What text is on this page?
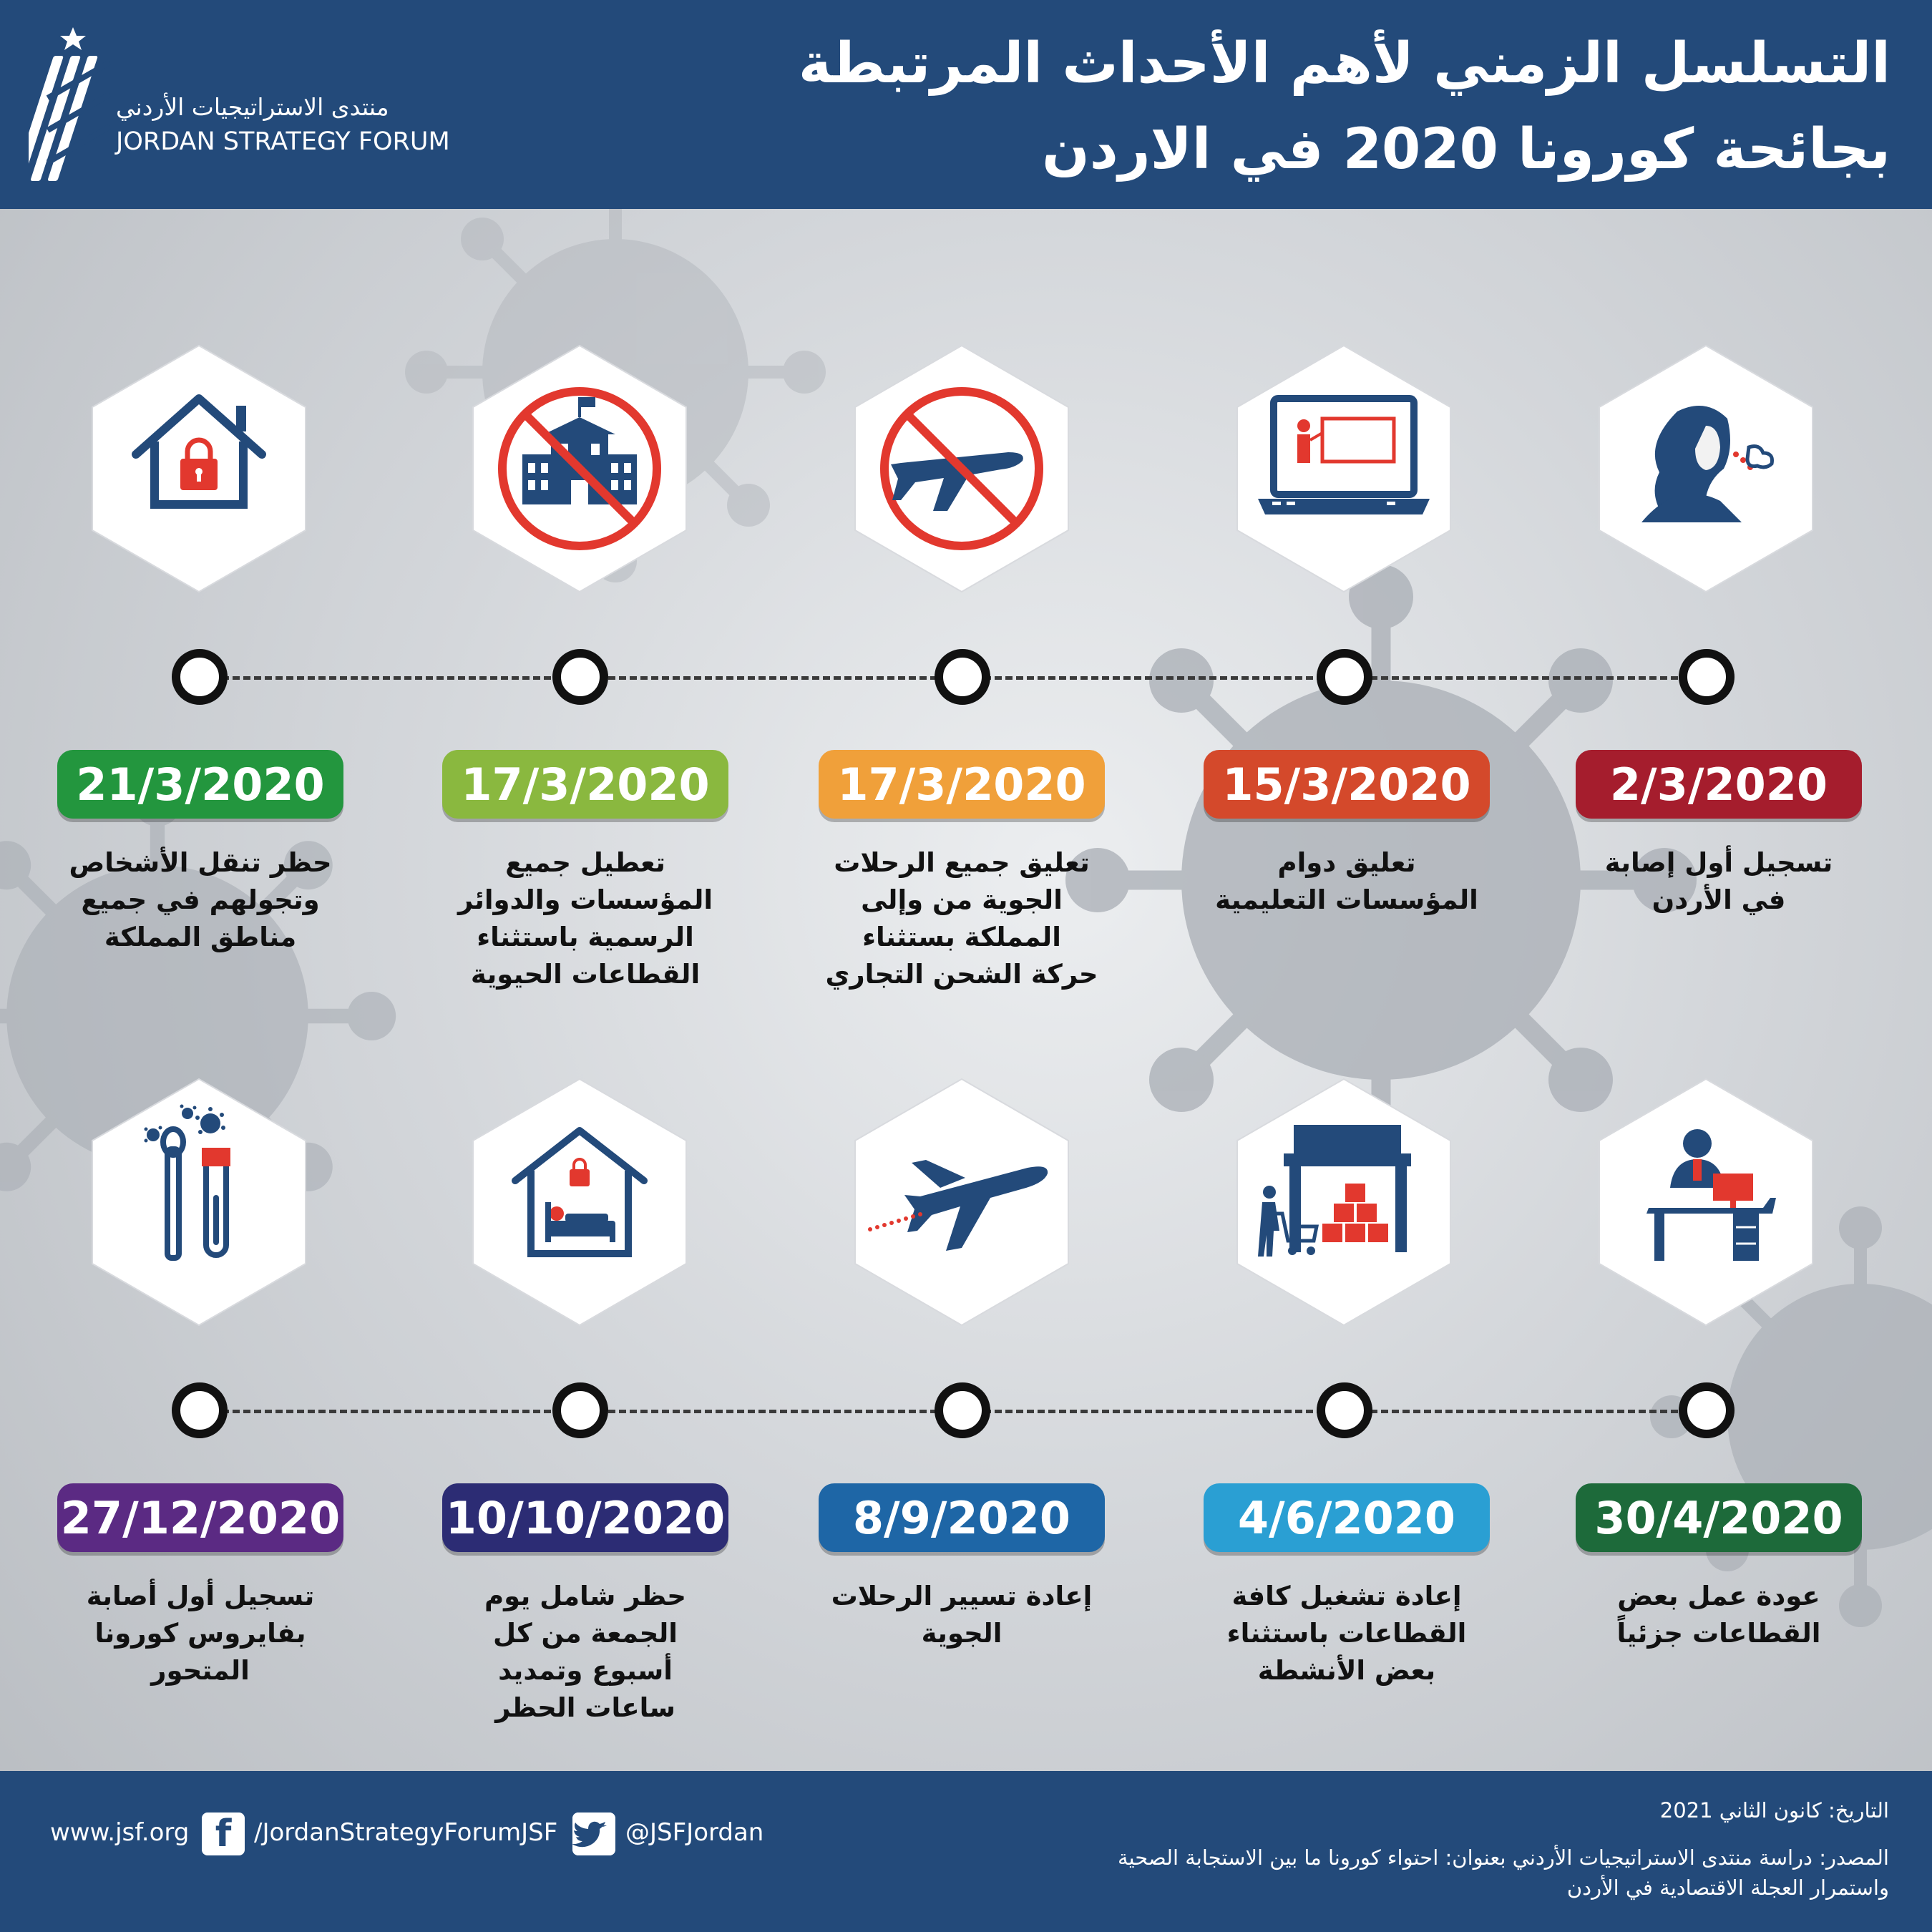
منتدى الاستراتيجيات الأردني
JORDAN STRATEGY FORUM
التسلسل الزمني لأهم الأحداث المرتبطة
بجائحة كورونا 2020 في الاردن
2/3/2020
تسجيل أول إصابة
في الأردن
15/3/2020
تعليق دوام
المؤسسات التعليمية
17/3/2020
تعليق جميع الرحلات
الجوية من وإلى
المملكة بستثناء
حركة الشحن التجاري
17/3/2020
تعطيل جميع
المؤسسات والدوائر
الرسمية باستثناء
القطاعات الحيوية
21/3/2020
حظر تنقل الأشخاص
وتجولهم في جميع
مناطق المملكة
30/4/2020
عودة عمل بعض
القطاعات جزئياً
4/6/2020
إعادة تشغيل كافة
القطاعات باستثناء
بعض الأنشطة
8/9/2020
إعادة تسيير الرحلات
الجوية
10/10/2020
حظر شامل يوم
الجمعة من كل
أسبوع وتمديد
ساعات الحظر
27/12/2020
تسجيل أول أصابة
بفايروس كورونا
المتحور
التاريخ: كانون الثاني 2021
المصدر: دراسة منتدى الاستراتيجيات الأردني بعنوان: احتواء كورونا ما بين الاستجابة الصحية
واستمرار العجلة الاقتصادية في الأردن
www.jsf.org f /JordanStrategyForumJSF	@JSFJordan
